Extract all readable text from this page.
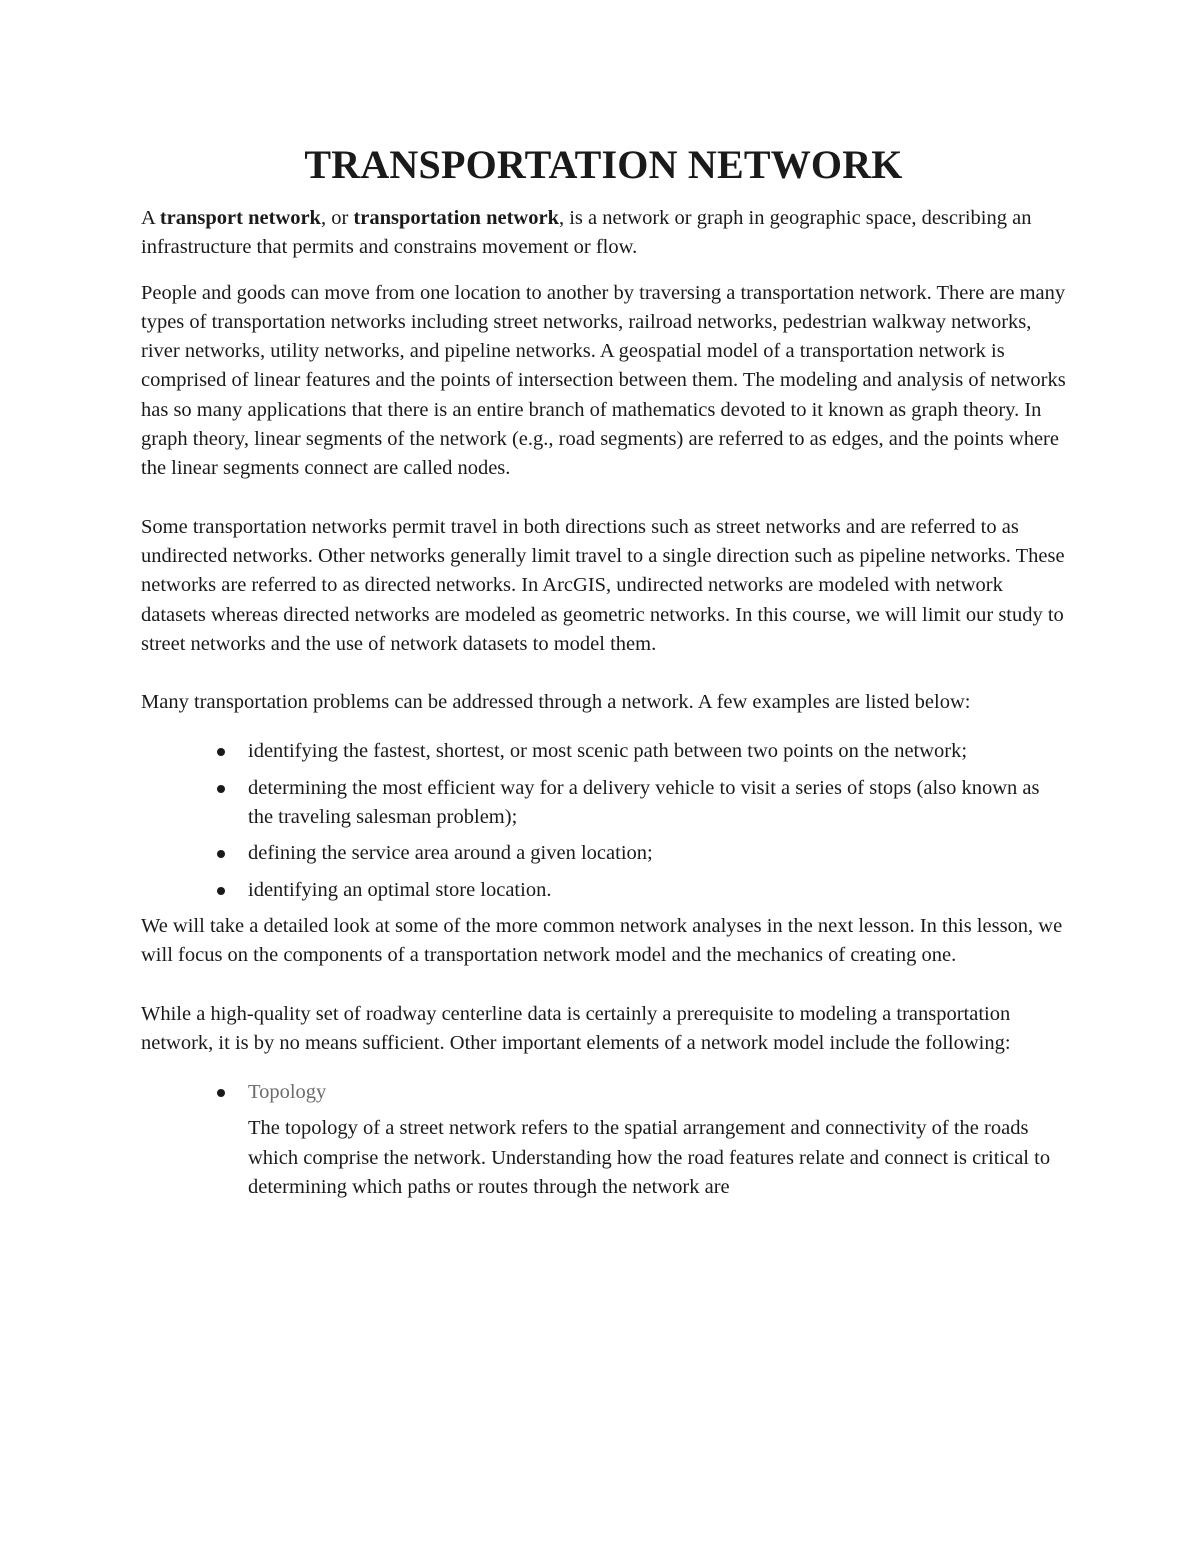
TRANSPORTATION NETWORK

A transport network, or transportation network, is a network or graph in geographic space, describing an infrastructure that permits and constrains movement or flow.

People and goods can move from one location to another by traversing a transportation network. There are many types of transportation networks including street networks, railroad networks, pedestrian walkway networks, river networks, utility networks, and pipeline networks. A geospatial model of a transportation network is comprised of linear features and the points of intersection between them. The modeling and analysis of networks has so many applications that there is an entire branch of mathematics devoted to it known as graph theory. In graph theory, linear segments of the network (e.g., road segments) are referred to as edges, and the points where the linear segments connect are called nodes.

Some transportation networks permit travel in both directions such as street networks and are referred to as undirected networks. Other networks generally limit travel to a single direction such as pipeline networks. These networks are referred to as directed networks. In ArcGIS, undirected networks are modeled with network datasets whereas directed networks are modeled as geometric networks. In this course, we will limit our study to street networks and the use of network datasets to model them.

Many transportation problems can be addressed through a network. A few examples are listed below:

identifying the fastest, shortest, or most scenic path between two points on the network;
determining the most efficient way for a delivery vehicle to visit a series of stops (also known as the traveling salesman problem);
defining the service area around a given location;
identifying an optimal store location.

We will take a detailed look at some of the more common network analyses in the next lesson. In this lesson, we will focus on the components of a transportation network model and the mechanics of creating one.

While a high-quality set of roadway centerline data is certainly a prerequisite to modeling a transportation network, it is by no means sufficient. Other important elements of a network model include the following:

Topology
The topology of a street network refers to the spatial arrangement and connectivity of the roads which comprise the network. Understanding how the road features relate and connect is critical to determining which paths or routes through the network are
